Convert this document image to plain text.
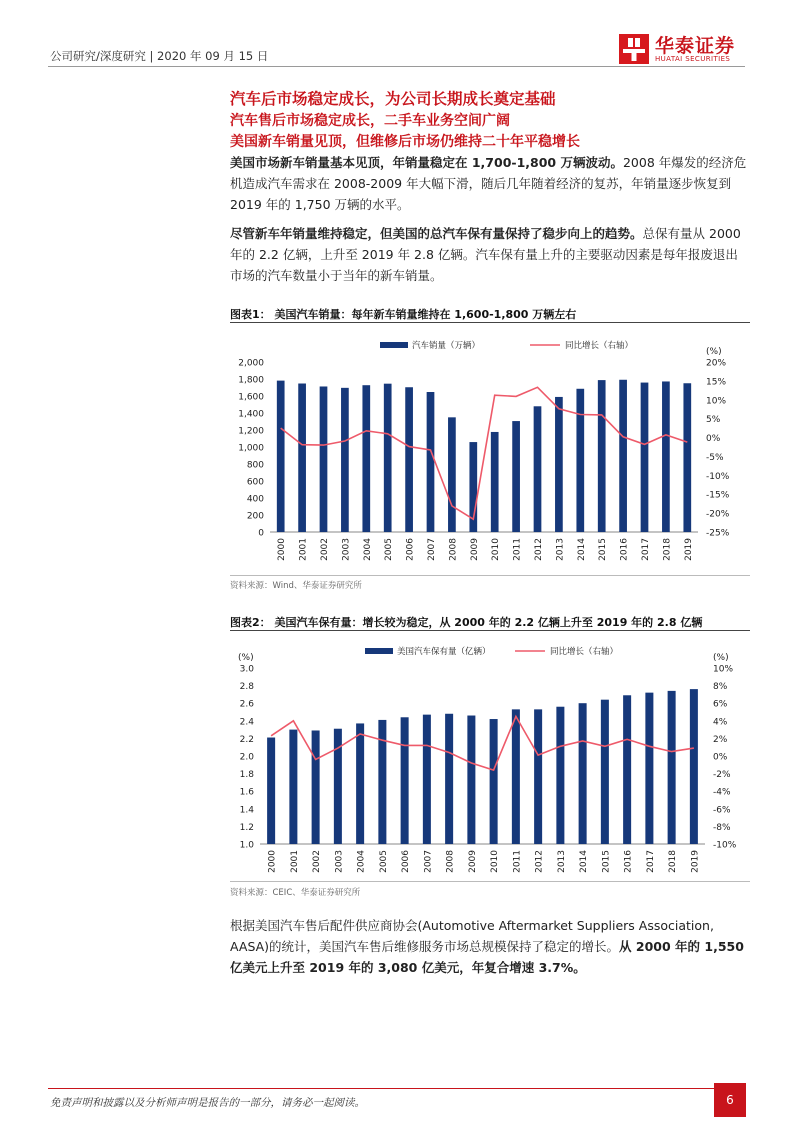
公司研究/深度研究 | 2020 年 09 月 15 日	华泰证券
HUATAI SECURITIES
汽车后市场稳定成长，为公司长期成长奠定基础
汽车售后市场稳定成长，二手车业务空间广阔
美国新车销量见顶，但维修后市场仍维持二十年平稳增长
美国市场新车销量基本见顶，年销量稳定在 1,700-1,800 万辆波动。2008 年爆发的经济危机造成汽车需求在 2008-2009 年大幅下滑，随后几年随着经济的复苏，年销量逐步恢复到 2019 年的 1,750 万辆的水平。
尽管新车年销量维持稳定，但美国的总汽车保有量保持了稳步向上的趋势。总保有量从 2000 年的 2.2 亿辆，上升至 2019 年 2.8 亿辆。汽车保有量上升的主要驱动因素是每年报废退出市场的汽车数量小于当年的新车销量。
图表1： 美国汽车销量：每年新车销量维持在 1,600-1,800 万辆左右
0
200
400
600
800
1,000
1,200
1,400
1,600
1,800
2,000
-25%
-20%
-15%
-10%
-5%
0%
5%
10%
15%
20%
(%)
2000 2001 2002 2003 2004 2005 2006 2007 2008 2009 2010 2011 2012 2013 2014 2015 2016 2017 2018 2019
汽车销量（万辆）	同比增长（右轴）
资料来源：Wind、华泰证券研究所
图表2： 美国汽车保有量：增长较为稳定，从 2000 年的 2.2 亿辆上升至 2019 年的 2.8 亿辆
1.0
1.2
1.4
1.6
1.8
2.0
2.2
2.4
2.6
2.8
3.0
-10%
-8%
-6%
-4%
-2%
0%
2%
4%
6%
8%
10%
(%)
(%)
2000 2001 2002 2003 2004 2005 2006 2007 2008 2009 2010 2011 2012 2013 2014 2015 2016 2017 2018 2019
美国汽车保有量（亿辆）	同比增长（右轴）
资料来源：CEIC、华泰证券研究所
根据美国汽车售后配件供应商协会(Automotive Aftermarket Suppliers Association, AASA)的统计，美国汽车售后维修服务市场总规模保持了稳定的增长。从 2000 年的 1,550 亿美元上升至 2019 年的 3,080 亿美元，年复合增速 3.7%。
免责声明和披露以及分析师声明是报告的一部分，请务必一起阅读。	6
